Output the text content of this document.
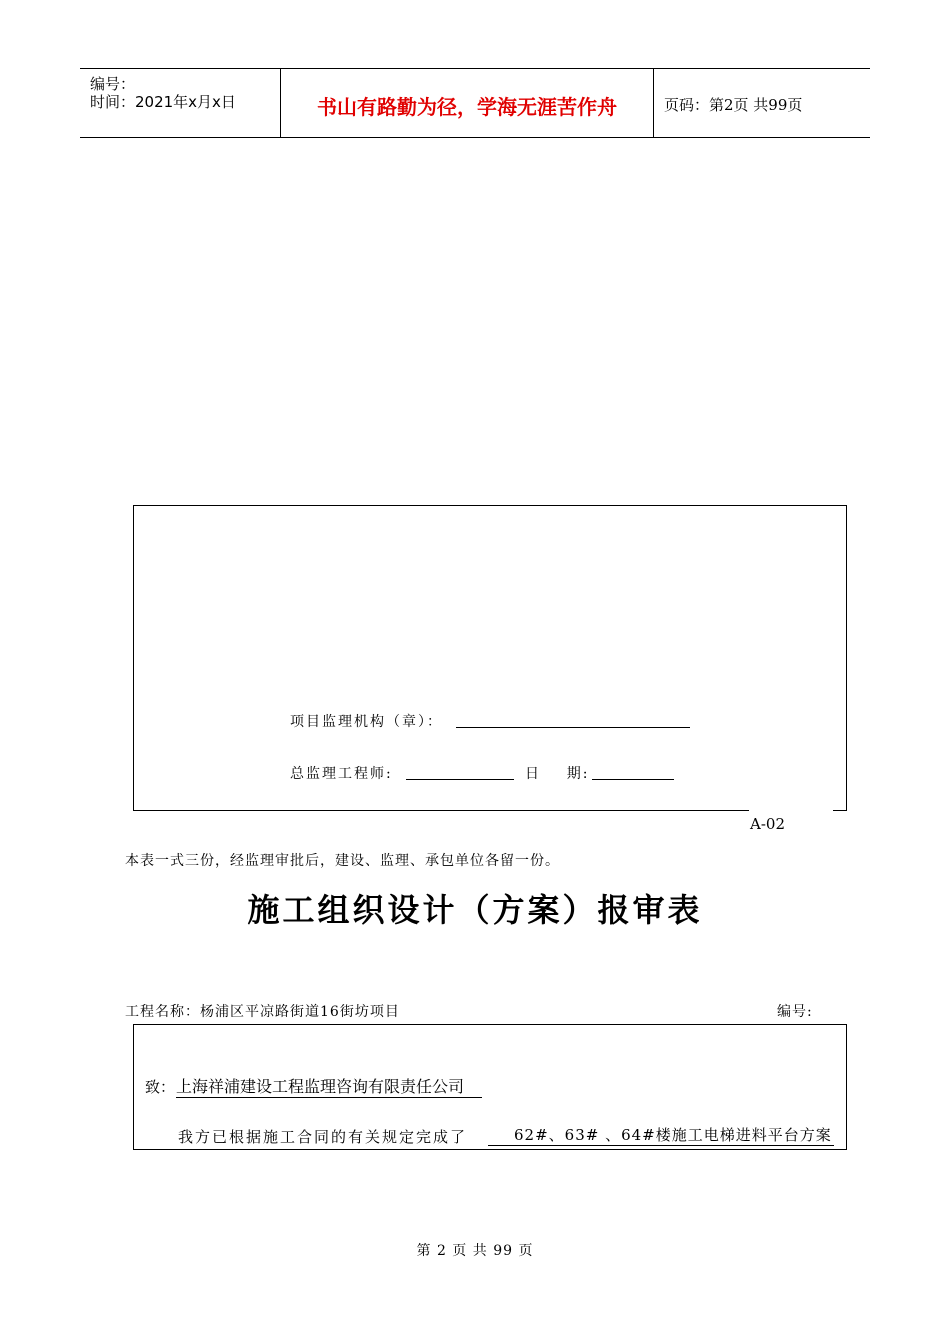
编号：
时间：2021年x月x日	书山有路勤为径，学海无涯苦作舟	页码：第2页 共99页
项目监理机构（章）：
总监理工程师:	日    期:
A-02
本表一式三份，经监理审批后，建设、监理、承包单位各留一份。
施工组织设计（方案）报审表
工程名称：杨浦区平凉路街道16街坊项目	编号:
致： 上海祥浦建设工程监理咨询有限责任公司
我方已根据施工合同的有关规定完成了	62#、63# 、64#楼施工电梯进料平台方案
第 2 页 共 99 页
